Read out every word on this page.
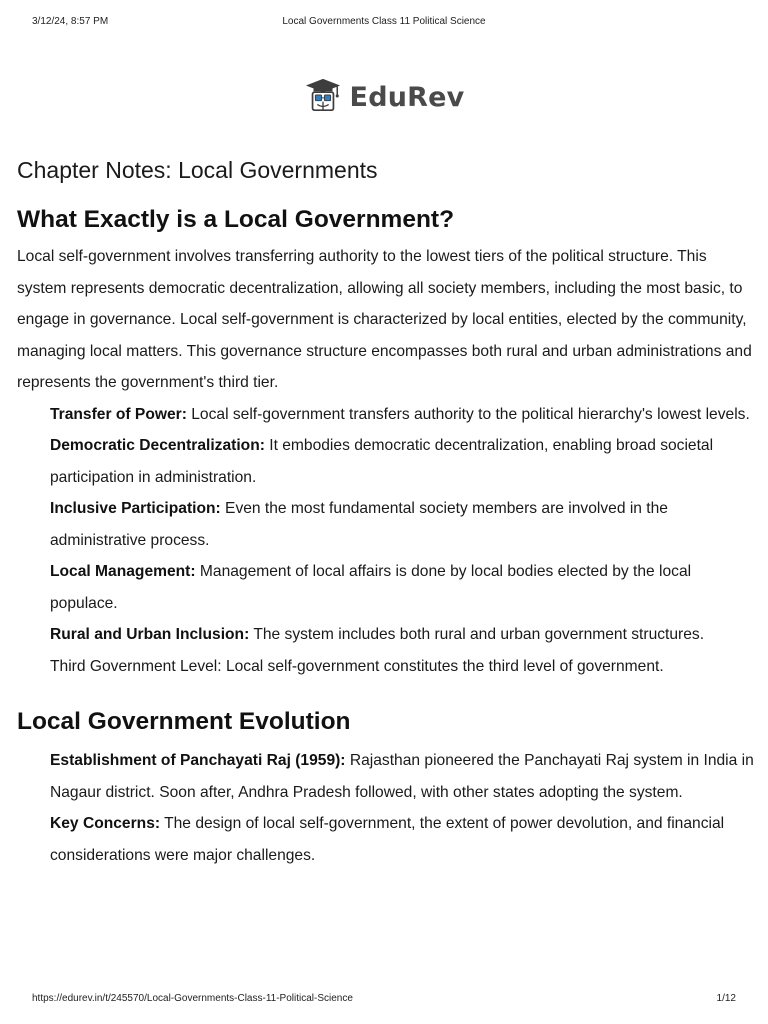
3/12/24, 8:57 PM	Local Governments Class 11 Political Science
EduRev
Chapter Notes: Local Governments
What Exactly is a Local Government?

Local self-government involves transferring authority to the lowest tiers of the political structure. This system represents democratic decentralization, allowing all society members, including the most basic, to engage in governance. Local self-government is characterized by local entities, elected by the community, managing local matters. This governance structure encompasses both rural and urban administrations and represents the government's third tier.

Transfer of Power: Local self-government transfers authority to the political hierarchy's lowest levels.

Democratic Decentralization: It embodies democratic decentralization, enabling broad societal participation in administration.

Inclusive Participation: Even the most fundamental society members are involved in the administrative process.

Local Management: Management of local affairs is done by local bodies elected by the local populace.

Rural and Urban Inclusion: The system includes both rural and urban government structures.

Third Government Level: Local self-government constitutes the third level of government.

Local Government Evolution

Establishment of Panchayati Raj (1959): Rajasthan pioneered the Panchayati Raj system in India in Nagaur district. Soon after, Andhra Pradesh followed, with other states adopting the system.

Key Concerns: The design of local self-government, the extent of power devolution, and financial considerations were major challenges.

https://edurev.in/t/245570/Local-Governments-Class-11-Political-Science	1/12
